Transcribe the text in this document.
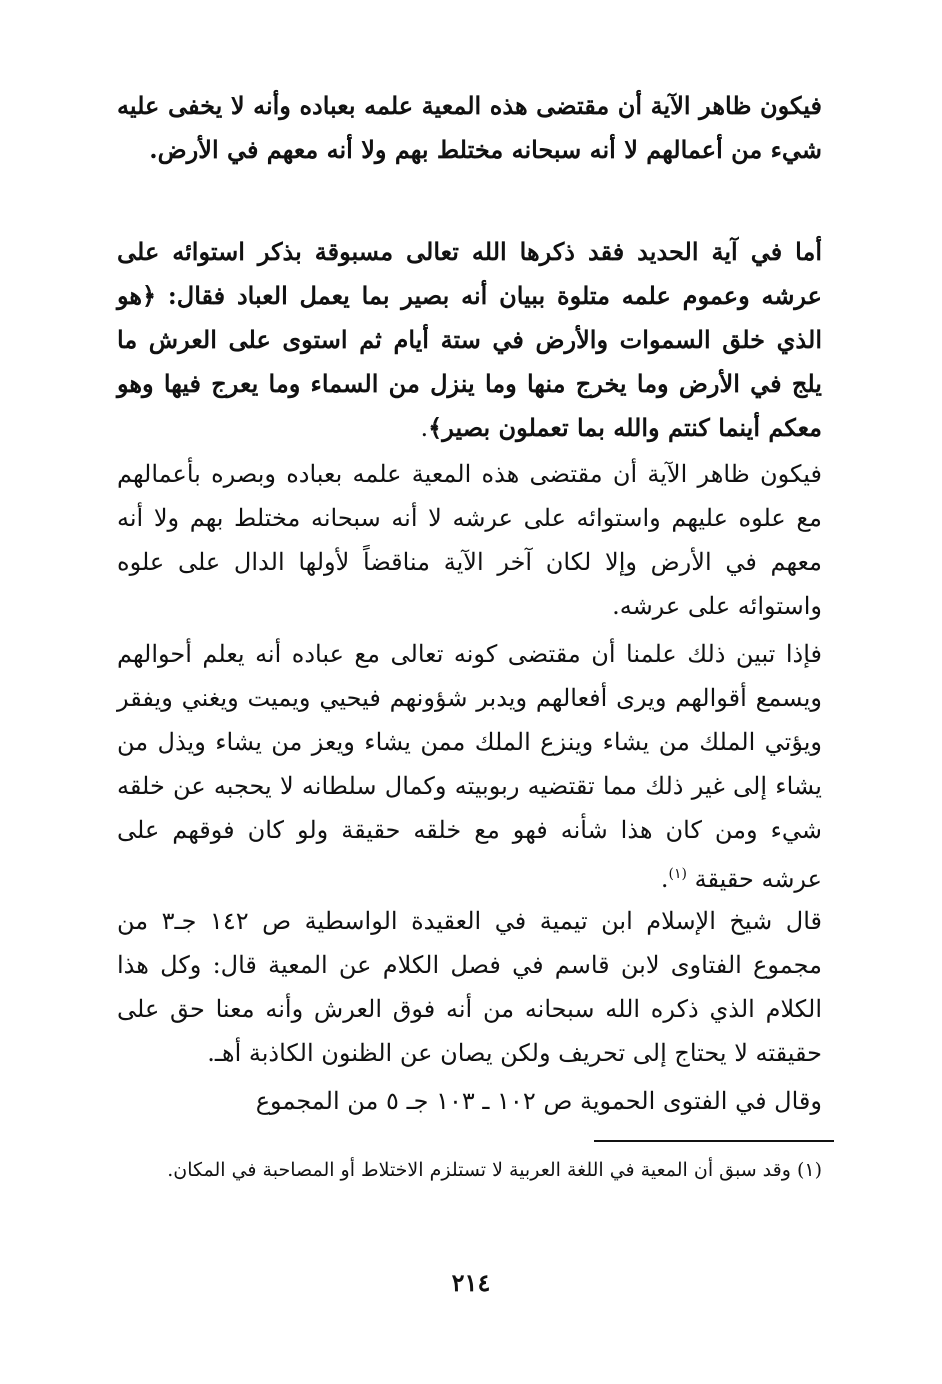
فيكون ظاهر الآية أن مقتضى هذه المعية علمه بعباده وأنه لا يخفى عليه شيء من أعمالهم لا أنه سبحانه مختلط بهم ولا أنه معهم في الأرض.

أما في آية الحديد فقد ذكرها الله تعالى مسبوقة بذكر استوائه على عرشه وعموم علمه متلوة ببيان أنه بصير بما يعمل العباد فقال: ﴿هو الذي خلق السموات والأرض في ستة أيام ثم استوى على العرش ما يلج في الأرض وما يخرج منها وما ينزل من السماء وما يعرج فيها وهو معكم أينما كنتم والله بما تعملون بصير﴾.

فيكون ظاهر الآية أن مقتضى هذه المعية علمه بعباده وبصره بأعمالهم مع علوه عليهم واستوائه على عرشه لا أنه سبحانه مختلط بهم ولا أنه معهم في الأرض وإلا لكان آخر الآية مناقضاً لأولها الدال على علوه واستوائه على عرشه.

فإذا تبين ذلك علمنا أن مقتضى كونه تعالى مع عباده أنه يعلم أحوالهم ويسمع أقوالهم ويرى أفعالهم ويدبر شؤونهم فيحيي ويميت ويغني ويفقر ويؤتي الملك من يشاء وينزع الملك ممن يشاء ويعز من يشاء ويذل من يشاء إلى غير ذلك مما تقتضيه ربوبيته وكمال سلطانه لا يحجبه عن خلقه شيء ومن كان هذا شأنه فهو مع خلقه حقيقة ولو كان فوقهم على عرشه حقيقة $^{(١)}$.

قال شيخ الإسلام ابن تيمية في العقيدة الواسطية ص ١٤٢ جـ٣ من مجموع الفتاوى لابن قاسم في فصل الكلام عن المعية قال: وكل هذا الكلام الذي ذكره الله سبحانه من أنه فوق العرش وأنه معنا حق على حقيقته لا يحتاج إلى تحريف ولكن يصان عن الظنون الكاذبة أهـ.

وقال في الفتوى الحموية ص ١٠٢ ـ ١٠٣ جـ ٥ من المجموع

(١) وقد سبق أن المعية في اللغة العربية لا تستلزم الاختلاط أو المصاحبة في المكان.

٢١٤
